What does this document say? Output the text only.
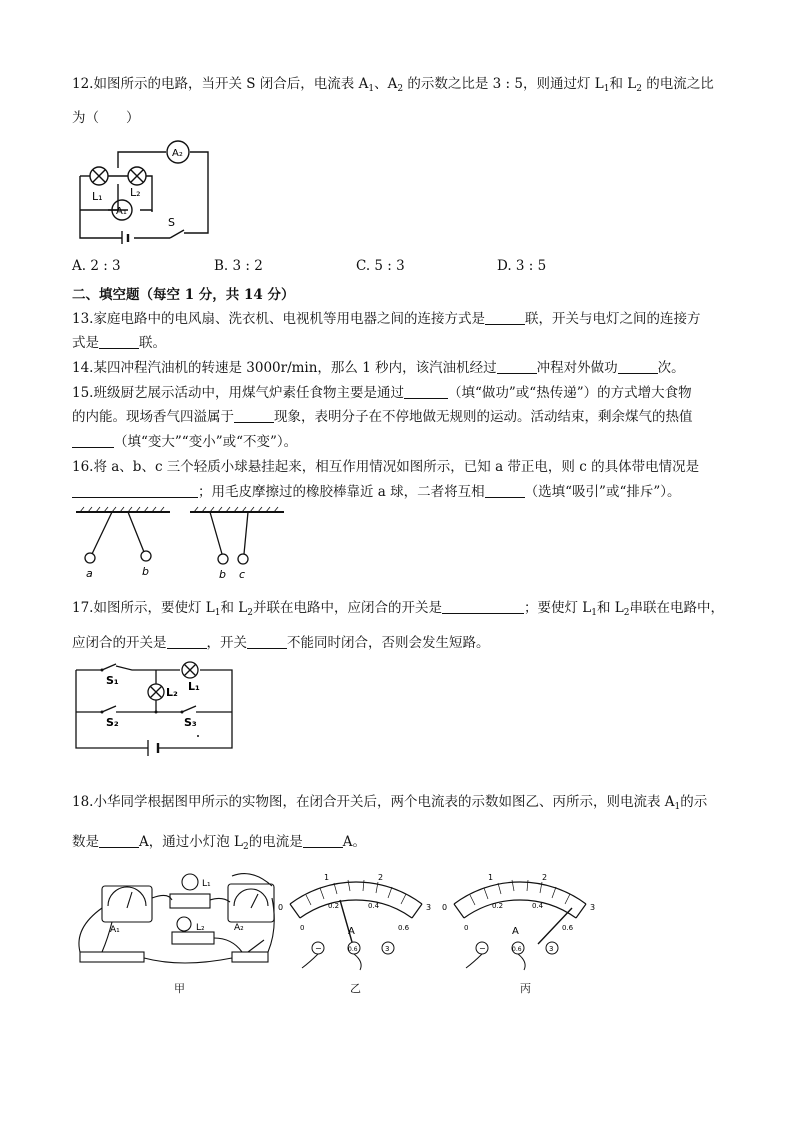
12.如图所示的电路，当开关 S 闭合后，电流表 $A_1$、$A_2$ 的示数之比是 3 : 5，则通过灯 $L_1$和 $L_2$ 的电流之比
为（　　）
A₂
A₁
L₁ L₂
S
A. 2 : 3	B. 3 : 2	C. 5 : 3	D. 3 : 5
二、填空题（每空 1 分，共 14 分）
13.家庭电路中的电风扇、洗衣机、电视机等用电器之间的连接方式是	联，开关与电灯之间的连接方
式是	联。
14.某四冲程汽油机的转速是 3000r/min，那么 1 秒内，该汽油机经过	冲程对外做功	次。
15.班级厨艺展示活动中，用煤气炉素任食物主要是通过	（填“做功”或“热传递”）的方式增大食物
的内能。现场香气四溢属于	现象，表明分子在不停地做无规则的运动。活动结束，剩余煤气的热值
（填“变大”“变小”或“不变”）。
16.将 a、b、c 三个轻质小球悬挂起来，相互作用情况如图所示，已知 a 带正电，则 c 的具体带电情况是
；用毛皮摩擦过的橡胶棒靠近 a 球，二者将互相	（选填“吸引”或“排斥”）。
a	b	b c
17.如图所示，要使灯 $L_1$和 $L_2$并联在电路中，应闭合的开关是	；要使灯 $L_1$和 $L_2$串联在电路中，
应闭合的开关是	，开关	不能同时闭合，否则会发生短路。
S₁
S₂	S₃
L₂ L₁
18.小华同学根据图甲所示的实物图，在闭合开关后，两个电流表的示数如图乙、丙所示，则电流表 $A_1$的示
数是	A，通过小灯泡 $L_2$的电流是	A。
A₁	A₂
L₁
L₂
甲
0
1	2
3
0
0.2	0.4
0.6
A
−	0.6	3
乙
0
1	2
3
0
0.2	0.4
0.6
A
−	0.6	3
丙
